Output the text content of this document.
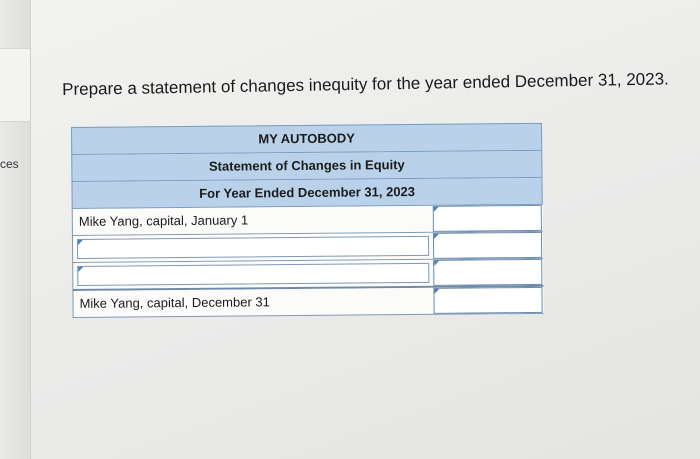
ces
Prepare a statement of changes inequity for the year ended December 31, 2023.
MY AUTOBODY
Statement of Changes in Equity
For Year Ended December 31, 2023
Mike Yang, capital, January 1
Mike Yang, capital, December 31
